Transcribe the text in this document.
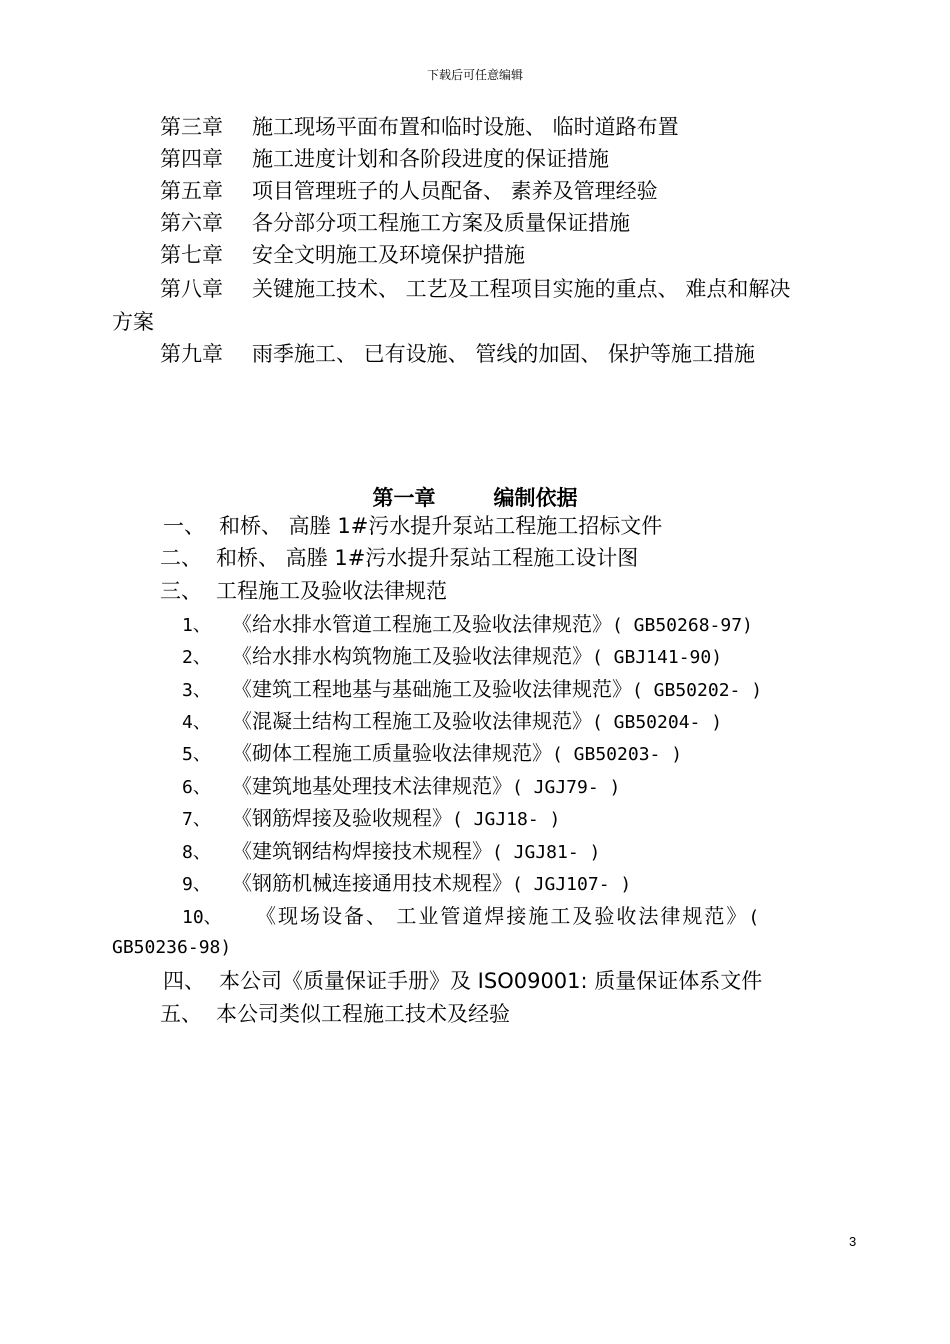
下载后可任意编辑
第三章 施工现场平面布置和临时设施、 临时道路布置
第四章 施工进度计划和各阶段进度的保证措施
第五章 项目管理班子的人员配备、 素养及管理经验
第六章 各分部分项工程施工方案及质量保证措施
第七章 安全文明施工及环境保护措施
第八章 关键施工技术、 工艺及工程项目实施的重点、 难点和解决
方案
第九章 雨季施工、 已有设施、 管线的加固、 保护等施工措施
第一章	编制依据
一、 和桥、 高塍 1#污水提升泵站工程施工招标文件
二、 和桥、 高塍 1#污水提升泵站工程施工设计图
三、 工程施工及验收法律规范
1、 《给水排水管道工程施工及验收法律规范》( GB50268-97)
2、 《给水排水构筑物施工及验收法律规范》( GBJ141-90)
3、 《建筑工程地基与基础施工及验收法律规范》( GB50202- )
4、 《混凝土结构工程施工及验收法律规范》( GB50204- )
5、 《砌体工程施工质量验收法律规范》( GB50203- )
6、 《建筑地基处理技术法律规范》( JGJ79- )
7、 《钢筋焊接及验收规程》( JGJ18- )
8、 《建筑钢结构焊接技术规程》( JGJ81- )
9、 《钢筋机械连接通用技术规程》( JGJ107- )
10、 《现场设备、 工业管道焊接施工及验收法律规范》(
GB50236-98)
四、 本公司《质量保证手册》及 ISO09001: 质量保证体系文件
五、 本公司类似工程施工技术及经验
3
